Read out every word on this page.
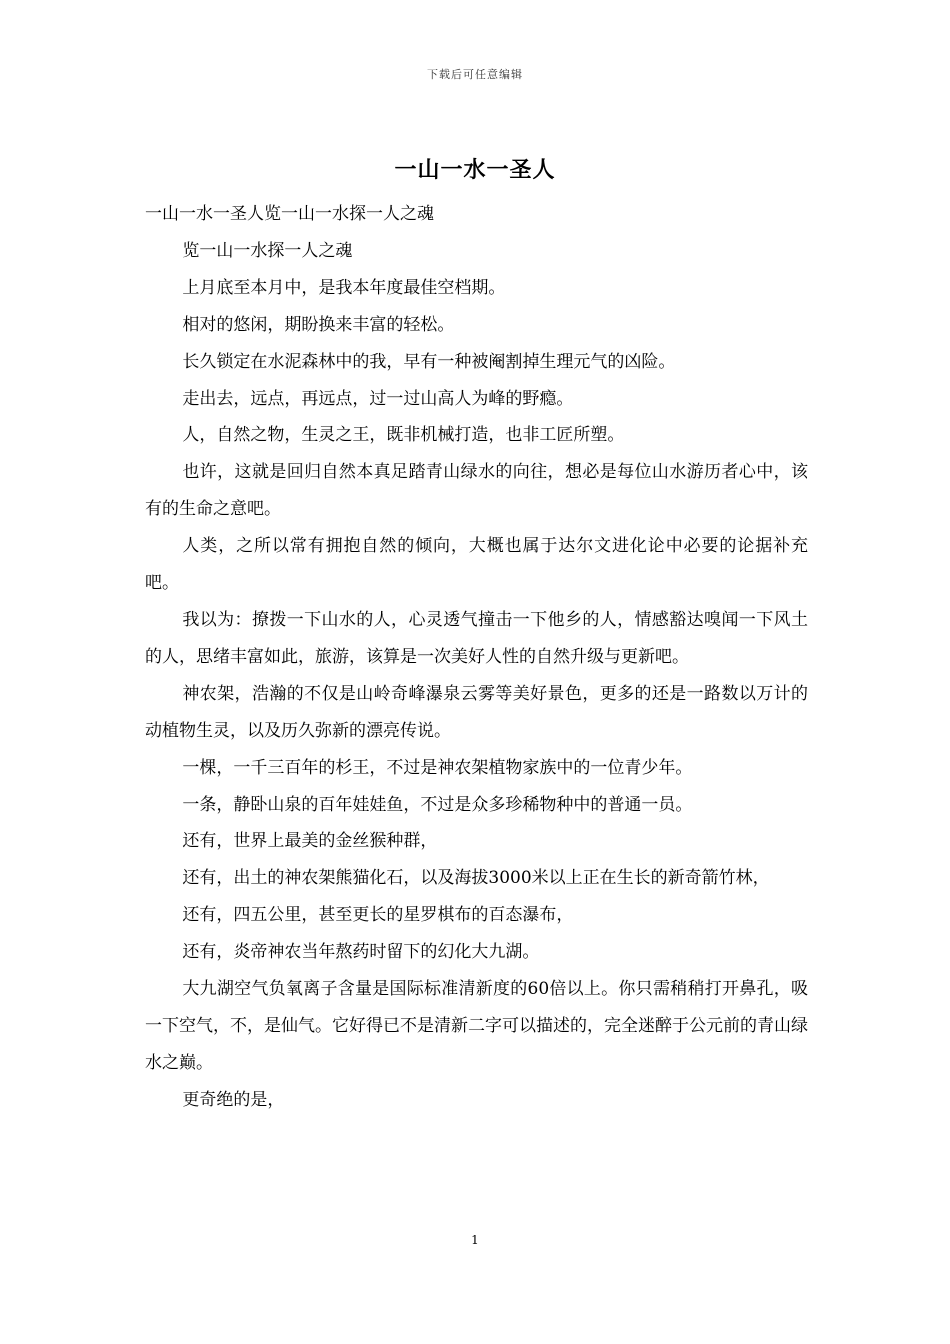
下载后可任意编辑
一山一水一圣人

一山一水一圣人览一山一水探一人之魂

览一山一水探一人之魂

上月底至本月中，是我本年度最佳空档期。

相对的悠闲，期盼换来丰富的轻松。

长久锁定在水泥森林中的我，早有一种被阉割掉生理元气的凶险。

走出去，远点，再远点，过一过山高人为峰的野瘾。

人，自然之物，生灵之王，既非机械打造，也非工匠所塑。

也许，这就是回归自然本真足踏青山绿水的向往，想必是每位山水游历者心中，该有的生命之意吧。

人类，之所以常有拥抱自然的倾向，大概也属于达尔文进化论中必要的论据补充吧。

我以为：撩拨一下山水的人，心灵透气撞击一下他乡的人，情感豁达嗅闻一下风土的人，思绪丰富如此，旅游，该算是一次美好人性的自然升级与更新吧。

神农架，浩瀚的不仅是山岭奇峰瀑泉云雾等美好景色，更多的还是一路数以万计的动植物生灵，以及历久弥新的漂亮传说。

一棵，一千三百年的杉王，不过是神农架植物家族中的一位青少年。

一条，静卧山泉的百年娃娃鱼，不过是众多珍稀物种中的普通一员。

还有，世界上最美的金丝猴种群，

还有，出土的神农架熊猫化石，以及海拔3000米以上正在生长的新奇箭竹林，

还有，四五公里，甚至更长的星罗棋布的百态瀑布，

还有，炎帝神农当年熬药时留下的幻化大九湖。

大九湖空气负氧离子含量是国际标准清新度的60倍以上。你只需稍稍打开鼻孔，吸一下空气，不，是仙气。它好得已不是清新二字可以描述的，完全迷醉于公元前的青山绿水之巅。

更奇绝的是，

1
